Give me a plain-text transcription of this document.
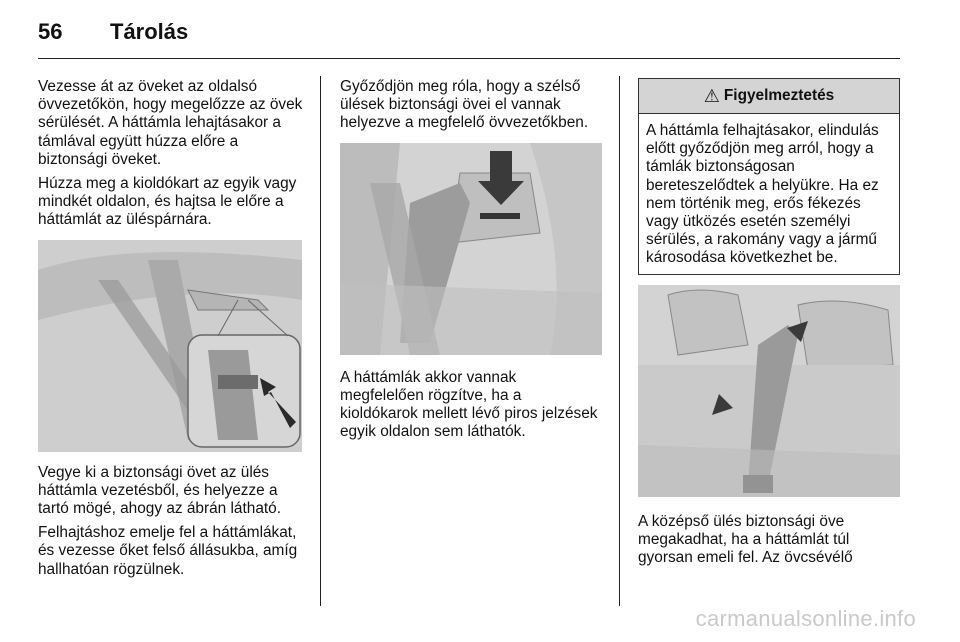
56	Tárolás

Vezesse át az öveket az oldalsó övvezetőkön, hogy megelőzze az övek sérülését. A háttámla lehajtásakor a támlával együtt húzza előre a biztonsági öveket.

Húzza meg a kioldókart az egyik vagy mindkét oldalon, és hajtsa le előre a háttámlát az üléspárnára.

Vegye ki a biztonsági övet az ülés háttámla vezetésből, és helyezze a tartó mögé, ahogy az ábrán látható.

Felhajtáshoz emelje fel a háttámlákat, és vezesse őket felső állásukba, amíg hallhatóan rögzülnek.

Győződjön meg róla, hogy a szélső ülések biztonsági övei el vannak helyezve a megfelelő övvezetőkben.

A háttámlák akkor vannak megfelelően rögzítve, ha a kioldókarok mellett lévő piros jelzések egyik oldalon sem láthatók.

⚠ Figyelmeztetés
A háttámla felhajtásakor, elindulás előtt győződjön meg arról, hogy a támlák biztonságosan bereteszelődtek a helyükre. Ha ez nem történik meg, erős fékezés vagy ütközés esetén személyi sérülés, a rakomány vagy a jármű károsodása következhet be.

A középső ülés biztonsági öve megakadhat, ha a háttámlát túl gyorsan emeli fel. Az övcsévélő

carmanualsonline.info
